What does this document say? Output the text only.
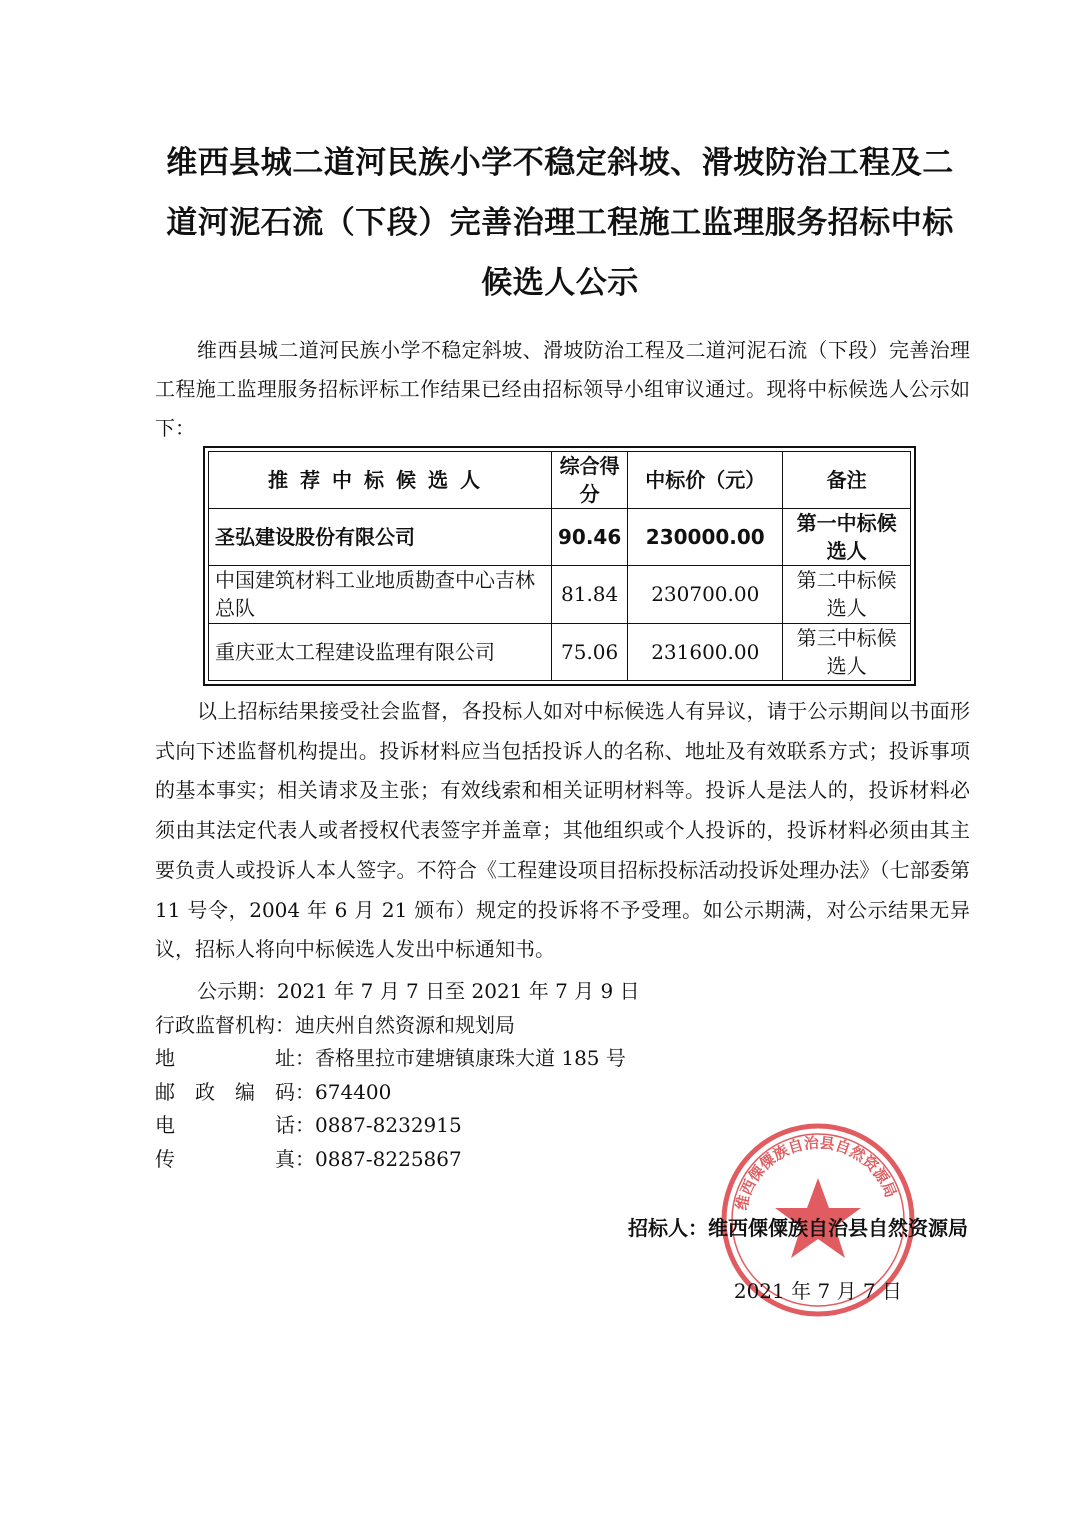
维西县城二道河民族小学不稳定斜坡、滑坡防治工程及二
道河泥石流（下段）完善治理工程施工监理服务招标中标
候选人公示
维西县城二道河民族小学不稳定斜坡、滑坡防治工程及二道河泥石流（下段）完善治理工程施工监理服务招标评标工作结果已经由招标领导小组审议通过。现将中标候选人公示如下：
推荐中标候选人	综合得分	中标价（元）	备注
圣弘建设股份有限公司	90.46	230000.00	第一中标候选人
中国建筑材料工业地质勘查中心吉林总队	81.84	230700.00	第二中标候选人
重庆亚太工程建设监理有限公司	75.06	231600.00	第三中标候选人
以上招标结果接受社会监督，各投标人如对中标候选人有异议，请于公示期间以书面形式向下述监督机构提出。投诉材料应当包括投诉人的名称、地址及有效联系方式；投诉事项的基本事实；相关请求及主张；有效线索和相关证明材料等。投诉人是法人的，投诉材料必须由其法定代表人或者授权代表签字并盖章；其他组织或个人投诉的，投诉材料必须由其主要负责人或投诉人本人签字。不符合《工程建设项目招标投标活动投诉处理办法》（七部委第 11 号令，2004 年 6 月 21 颁布）规定的投诉将不予受理。如公示期满，对公示结果无异议，招标人将向中标候选人发出中标通知书。
公示期：2021 年 7 月 7 日至 2021 年 7 月 9 日
行政监督机构：迪庆州自然资源和规划局
地址：香格里拉市建塘镇康珠大道 185 号
邮政编码：674400
电话：0887-8232915
传真：0887-8225867
维西傈僳族自治县自然资源局
招标人：维西傈僳族自治县自然资源局
2021 年 7 月 7 日
